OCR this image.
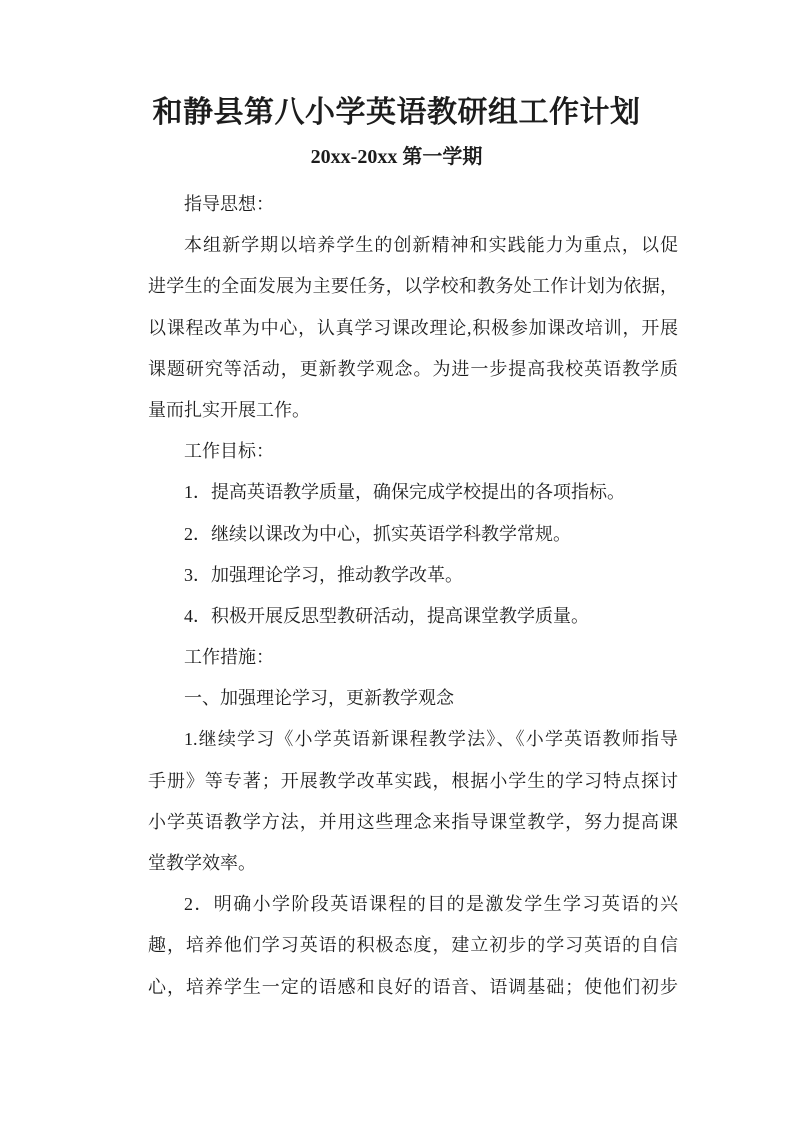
和静县第八小学英语教研组工作计划
20xx-20xx 第一学期
指导思想：
本组新学期以培养学生的创新精神和实践能力为重点，以促
进学生的全面发展为主要任务，以学校和教务处工作计划为依据，
以课程改革为中心，认真学习课改理论,积极参加课改培训，开展
课题研究等活动，更新教学观念。为进一步提高我校英语教学质
量而扎实开展工作。
工作目标：
1．提高英语教学质量，确保完成学校提出的各项指标。
2．继续以课改为中心，抓实英语学科教学常规。
3．加强理论学习，推动教学改革。
4．积极开展反思型教研活动，提高课堂教学质量。
工作措施：
一、加强理论学习，更新教学观念
1.继续学习《小学英语新课程教学法》、《小学英语教师指导
手册》等专著；开展教学改革实践，根据小学生的学习特点探讨
小学英语教学方法，并用这些理念来指导课堂教学，努力提高课
堂教学效率。
2．明确小学阶段英语课程的目的是激发学生学习英语的兴
趣，培养他们学习英语的积极态度，建立初步的学习英语的自信
心，培养学生一定的语感和良好的语音、语调基础；使他们初步
